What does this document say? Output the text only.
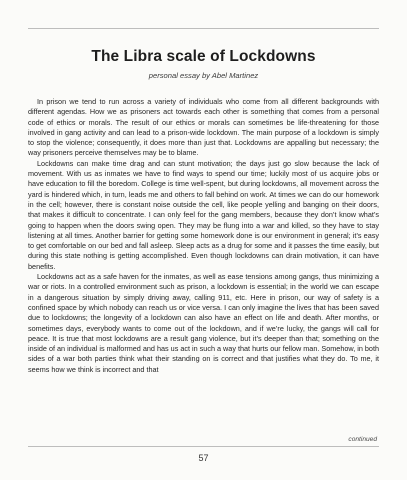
The Libra scale of Lockdowns
personal essay by Abel Martinez

In prison we tend to run across a variety of individuals who come from all different backgrounds with different agendas. How we as prisoners act towards each other is something that comes from a personal code of ethics or morals. The result of our ethics or morals can sometimes be life-threatening for those involved in gang activity and can lead to a prison-wide lockdown. The main purpose of a lockdown is simply to stop the violence; consequently, it does more than just that. Lockdowns are appalling but necessary; the way prisoners perceive themselves may be to blame.

Lockdowns can make time drag and can stunt motivation; the days just go slow because the lack of movement. With us as inmates we have to find ways to spend our time; luckily most of us acquire jobs or have education to fill the boredom. College is time well-spent, but during lockdowns, all movement across the yard is hindered which, in turn, leads me and others to fall behind on work. At times we can do our homework in the cell; however, there is constant noise outside the cell, like people yelling and banging on their doors, that makes it difficult to concentrate. I can only feel for the gang members, because they don’t know what’s going to happen when the doors swing open. They may be flung into a war and killed, so they have to stay listening at all times. Another barrier for getting some homework done is our environment in general; it’s easy to get comfortable on our bed and fall asleep. Sleep acts as a drug for some and it passes the time easily, but during this state nothing is getting accomplished. Even though lockdowns can drain motivation, it can have benefits.

Lockdowns act as a safe haven for the inmates, as well as ease tensions among gangs, thus minimizing a war or riots. In a controlled environment such as prison, a lockdown is essential; in the world we can escape in a dangerous situation by simply driving away, calling 911, etc. Here in prison, our way of safety is a confined space by which nobody can reach us or vice versa. I can only imagine the lives that has been saved due to lockdowns; the longevity of a lockdown can also have an effect on life and death. After months, or sometimes days, everybody wants to come out of the lockdown, and if we’re lucky, the gangs will call for peace. It is true that most lockdowns are a result gang violence, but it’s deeper than that; something on the inside of an individual is malformed and has us act in such a way that hurts our fellow man. Somehow, in both sides of a war both parties think what their standing on is correct and that justifies what they do. To me, it seems how we think is incorrect and that

continued
57
